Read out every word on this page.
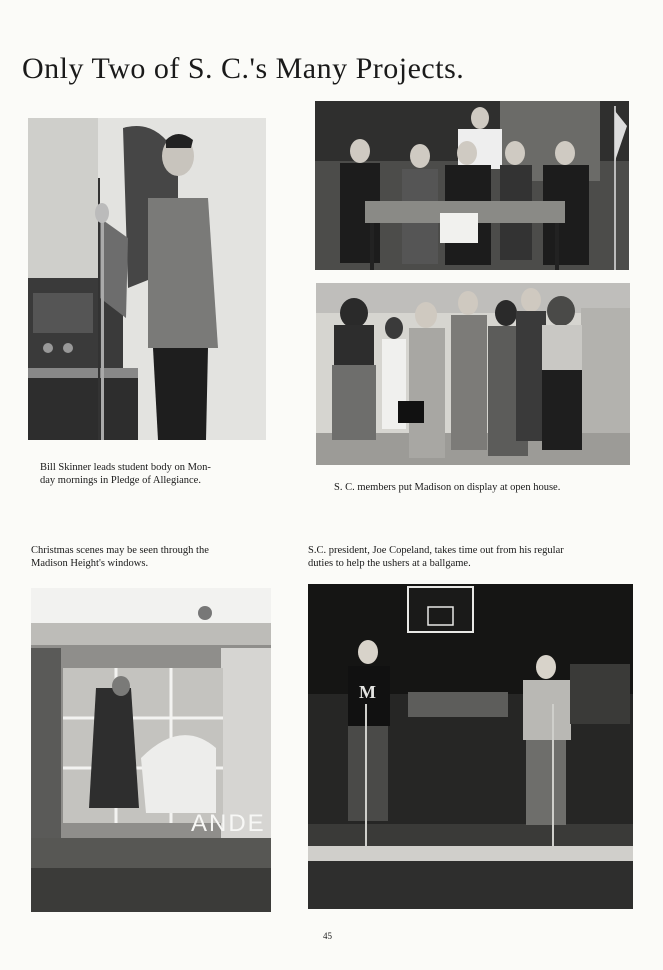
Only Two of S. C.'s Many Projects.
ANDE
M
Bill Skinner leads student body on Mon-
day mornings in Pledge of Allegiance.
S. C. members put Madison on display at open house.
Christmas scenes may be seen through the
Madison Height's windows.
S.C. president, Joe Copeland, takes time out from his regular
duties to help the ushers at a ballgame.
45
